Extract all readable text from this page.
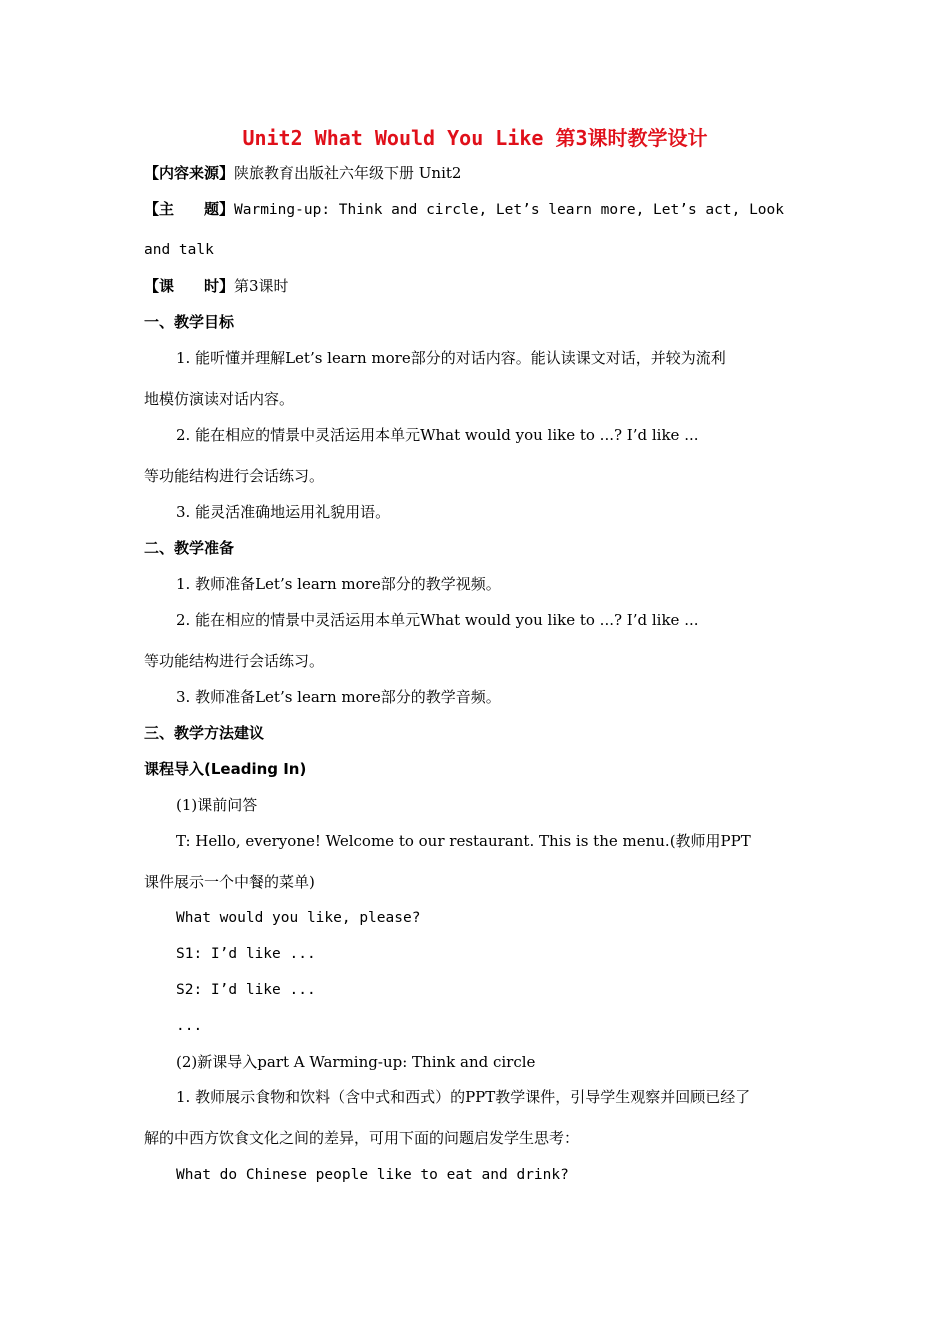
Unit2 What Would You Like 第3课时教学设计
【内容来源】陕旅教育出版社六年级下册 Unit2
【主　　题】Warming-up: Think and circle, Let’s learn more, Let’s act, Look
and talk
【课　　时】第3课时
一、教学目标
1. 能听懂并理解Let’s learn more部分的对话内容。能认读课文对话，并较为流利
地模仿演读对话内容。
2. 能在相应的情景中灵活运用本单元What would you like to ...? I’d like ...
等功能结构进行会话练习。
3. 能灵活准确地运用礼貌用语。
二、教学准备
1. 教师准备Let’s learn more部分的教学视频。
2. 能在相应的情景中灵活运用本单元What would you like to ...? I’d like ...
等功能结构进行会话练习。
3. 教师准备Let’s learn more部分的教学音频。
三、教学方法建议
课程导入(Leading In)
(1)课前问答
T: Hello, everyone! Welcome to our restaurant. This is the menu.(教师用PPT
课件展示一个中餐的菜单)
What would you like, please?
S1: I’d like ...
S2: I’d like ...
...
(2)新课导入part A Warming-up: Think and circle
1. 教师展示食物和饮料（含中式和西式）的PPT教学课件，引导学生观察并回顾已经了
解的中西方饮食文化之间的差异，可用下面的问题启发学生思考：
What do Chinese people like to eat and drink?
